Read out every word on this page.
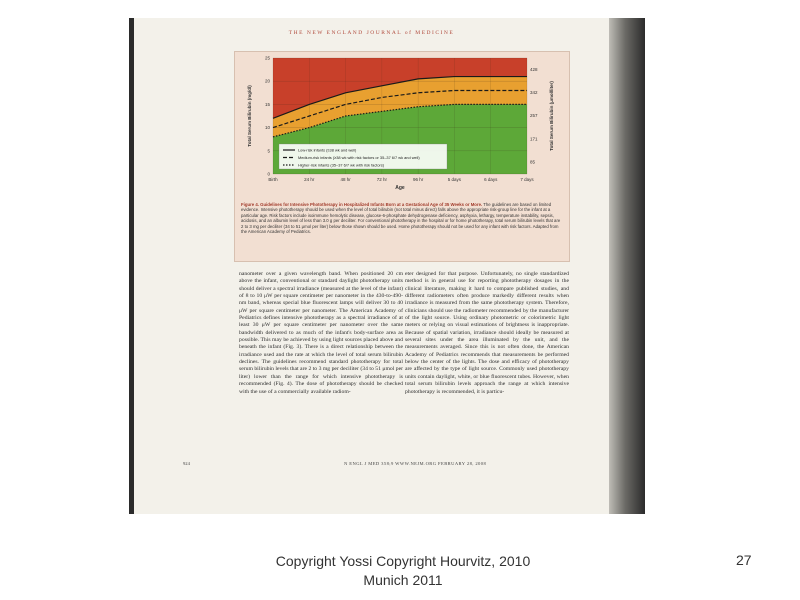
THE NEW ENGLAND JOURNAL of MEDICINE
0
5
10
15
20
25
428
342
257
171
85
Birth	24 hr	48 hr	72 hr	96 hr	5 days	6 days	7 days
Low-risk infants (≥38 wk and well)
Medium-risk infants (≥38 wk with risk factors or 35–37 6/7 wk and well)
Higher-risk infants (35–37 6/7 wk with risk factors)
Age
Total Serum Bilirubin (mg/dl)	Total Serum Bilirubin (μmol/liter)
Figure 4. Guidelines for Intensive Phototherapy in Hospitalized Infants Born at a Gestational Age of 35 Weeks or More. The guidelines are based on limited evidence. Intensive phototherapy should be used when the level of total bilirubin (not total minus direct) falls above the appropriate risk-group line for the infant at a particular age. Risk factors include isoimmune hemolytic disease, glucose-6-phosphate dehydrogenase deficiency, asphyxia, lethargy, temperature instability, sepsis, acidosis, and an albumin level of less than 3.0 g per deciliter. For conventional phototherapy in the hospital or for home phototherapy, total serum bilirubin levels that are 2 to 3 mg per deciliter (34 to 51 μmol per liter) below those shown should be used. Home phototherapy should not be used for any infant with risk factors. Adapted from the American Academy of Pediatrics.
nanometer over a given wavelength band. When positioned 20 cm above the infant, conventional or standard daylight phototherapy units should deliver a spectral irradiance (measured at the level of the infant) of 8 to 10 μW per square centimeter per nanometer in the 430-to-490-nm band, whereas special blue fluorescent lamps will deliver 30 to 40 μW per square centimeter per nanometer. The American Academy of Pediatrics defines intensive phototherapy as a spectral irradiance of at least 30 μW per square centimeter per nanometer over the same bandwidth delivered to as much of the infant's body-surface area as possible. This may be achieved by using light sources placed above and beneath the infant (Fig. 3). There is a direct relationship between the irradiance used and the rate at which the level of total serum bilirubin declines. The guidelines recommend standard phototherapy for total serum bilirubin levels that are 2 to 3 mg per deciliter (34 to 51 μmol per liter) lower than the range for which intensive phototherapy is recommended (Fig. 4). The dose of phototherapy should be checked with the use of a commercially available radiom-
eter designed for that purpose. Unfortunately, no single standardized method is in general use for reporting phototherapy dosages in the clinical literature, making it hard to compare published studies, and different radiometers often produce markedly different results when irradiance is measured from the same phototherapy system. Therefore, clinicians should use the radiometer recommended by the manufacturer of the light source. Using ordinary photometric or colorimetric light meters or relying on visual estimations of brightness is inappropriate. Because of spatial variation, irradiance should ideally be measured at several sites under the area illuminated by the unit, and the measurements averaged. Since this is not often done, the American Academy of Pediatrics recommends that measurements be performed below the center of the lights. The dose and efficacy of phototherapy are affected by the type of light source. Commonly used phototherapy units contain daylight, white, or blue fluorescent tubes. However, when total serum bilirubin levels approach the range at which intensive phototherapy is recommended, it is particu-
924	N ENGL J MED 358;9 WWW.NEJM.ORG FEBRUARY 28, 2008
Copyright Yossi Copyright Hourvitz, 2010 Munich 2011
27
